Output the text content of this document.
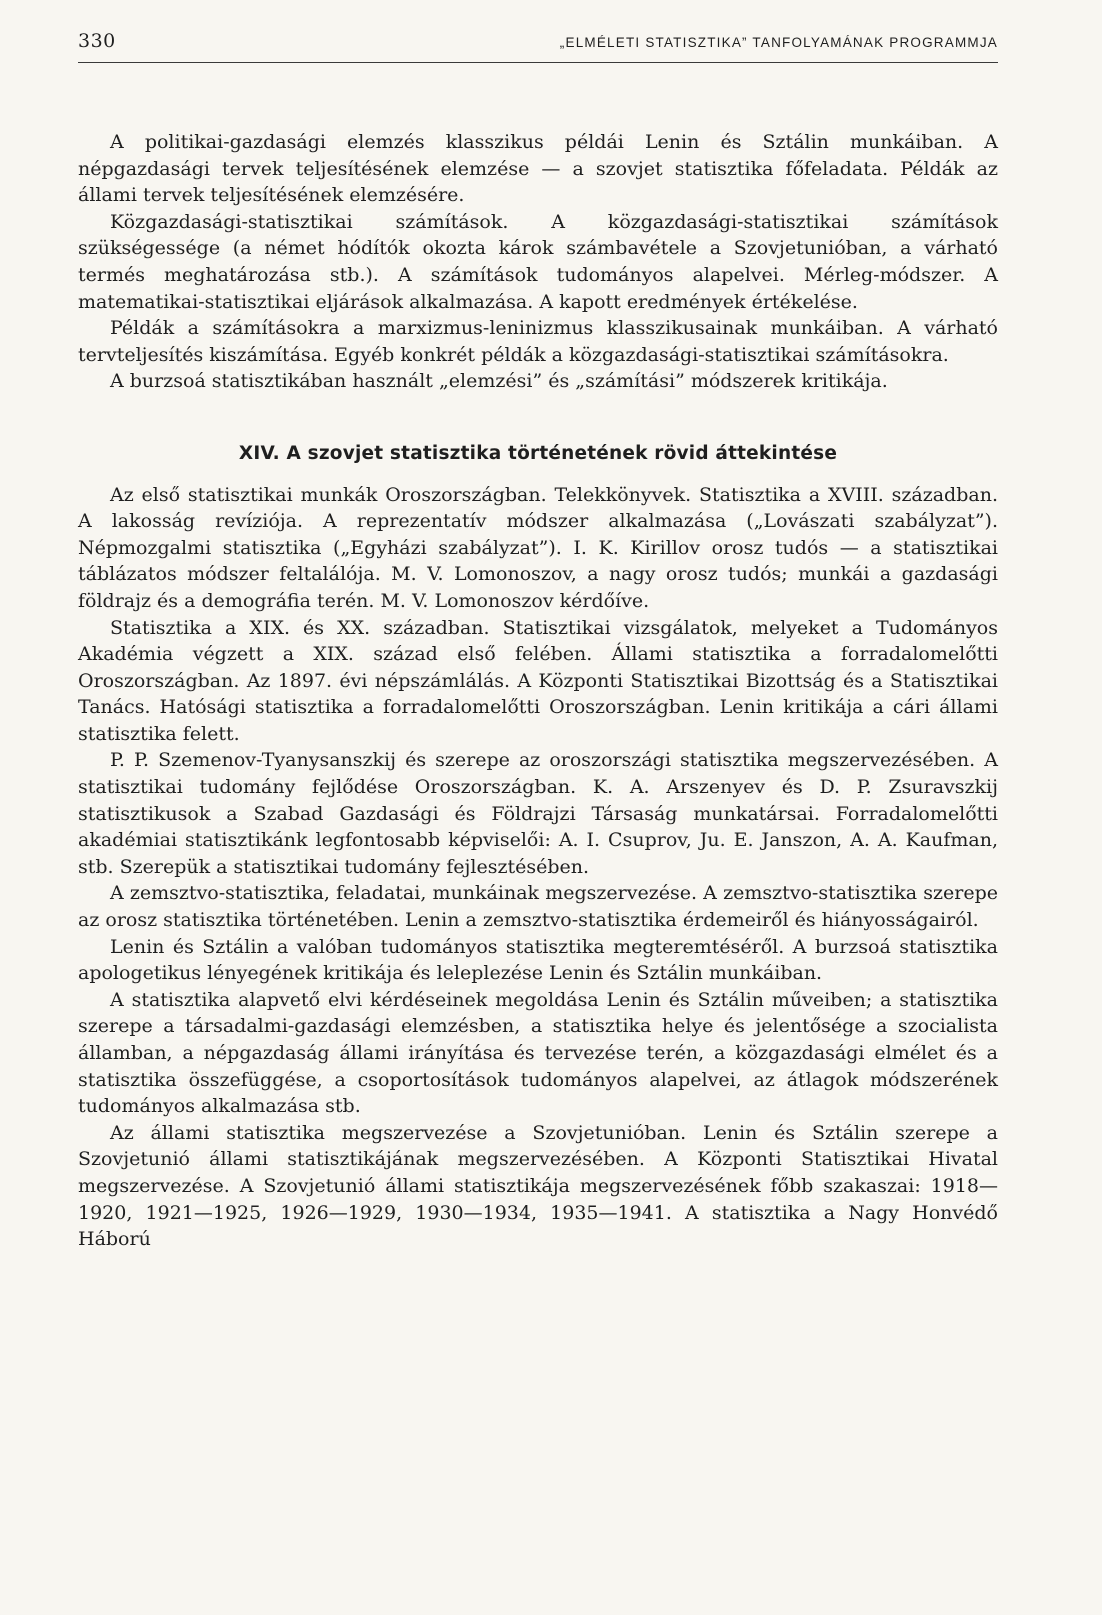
330	„ELMÉLETI STATISZTIKA” TANFOLYAMÁNAK PROGRAMMJA

A politikai-gazdasági elemzés klasszikus példái Lenin és Sztálin munkáiban. A népgazdasági tervek teljesítésének elemzése — a szovjet statisztika főfeladata. Példák az állami tervek teljesítésének elemzésére.

Közgazdasági-statisztikai számítások. A közgazdasági-statisztikai számítások szükségessége (a német hódítók okozta károk számbavétele a Szovjetunióban, a várható termés meghatározása stb.). A számítások tudományos alapelvei. Mérleg-módszer. A matematikai-statisztikai eljárások alkalmazása. A kapott eredmények értékelése.

Példák a számításokra a marxizmus-leninizmus klasszikusainak munkáiban. A várható tervteljesítés kiszámítása. Egyéb konkrét példák a közgazdasági-statisztikai számításokra.

A burzsoá statisztikában használt „elemzési” és „számítási” módszerek kritikája.

XIV. A szovjet statisztika történetének rövid áttekintése

Az első statisztikai munkák Oroszországban. Telekkönyvek. Statisztika a XVIII. században. A lakosság revíziója. A reprezentatív módszer alkalmazása („Lovászati szabályzat”). Népmozgalmi statisztika („Egyházi szabályzat”). I. K. Kirillov orosz tudós — a statisztikai táblázatos módszer feltalálója. M. V. Lomonoszov, a nagy orosz tudós; munkái a gazdasági földrajz és a demográfia terén. M. V. Lomonoszov kérdőíve.

Statisztika a XIX. és XX. században. Statisztikai vizsgálatok, melyeket a Tudományos Akadémia végzett a XIX. század első felében. Állami statisztika a forradalomelőtti Oroszországban. Az 1897. évi népszámlálás. A Központi Statisztikai Bizottság és a Statisztikai Tanács. Hatósági statisztika a forradalomelőtti Oroszországban. Lenin kritikája a cári állami statisztika felett.

P. P. Szemenov-Tyanysanszkij és szerepe az oroszországi statisztika megszervezésében. A statisztikai tudomány fejlődése Oroszországban. K. A. Arszenyev és D. P. Zsuravszkij statisztikusok a Szabad Gazdasági és Földrajzi Társaság munkatársai. Forradalomelőtti akadémiai statisztikánk legfontosabb képviselői: A. I. Csuprov, Ju. E. Janszon, A. A. Kaufman, stb. Szerepük a statisztikai tudomány fejlesztésében.

A zemsztvo-statisztika, feladatai, munkáinak megszervezése. A zemsztvo-statisztika szerepe az orosz statisztika történetében. Lenin a zemsztvo-statisztika érdemeiről és hiányosságairól.

Lenin és Sztálin a valóban tudományos statisztika megteremtéséről. A burzsoá statisztika apologetikus lényegének kritikája és leleplezése Lenin és Sztálin munkáiban.

A statisztika alapvető elvi kérdéseinek megoldása Lenin és Sztálin műveiben; a statisztika szerepe a társadalmi-gazdasági elemzésben, a statisztika helye és jelentősége a szocialista államban, a népgazdaság állami irányítása és tervezése terén, a közgazdasági elmélet és a statisztika összefüggése, a csoportosítások tudományos alapelvei, az átlagok módszerének tudományos alkalmazása stb.

Az állami statisztika megszervezése a Szovjetunióban. Lenin és Sztálin szerepe a Szovjetunió állami statisztikájának megszervezésében. A Központi Statisztikai Hivatal megszervezése. A Szovjetunió állami statisztikája megszervezésének főbb szakaszai: 1918—1920, 1921—1925, 1926—1929, 1930—1934, 1935—1941. A statisztika a Nagy Honvédő Háború
